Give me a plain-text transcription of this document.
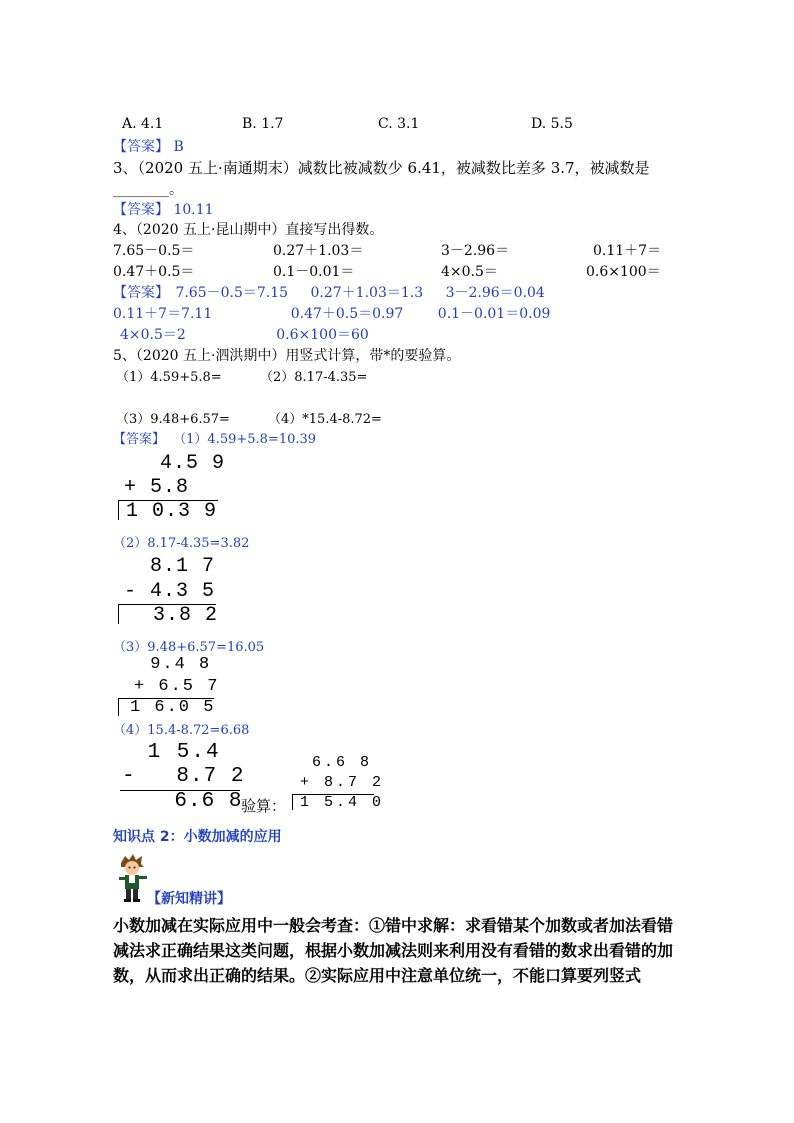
A. 4.1	B. 1.7	C. 3.1	D. 5.5
【答案】 B
3、（2020 五上·南通期末）减数比被减数少 6.41，被减数比差多 3.7，被减数是
________。
【答案】 10.11
4、（2020 五上·昆山期中）直接写出得数。
7.65－0.5＝	0.27＋1.03＝	3－2.96＝	0.11＋7＝
0.47＋0.5＝	0.1－0.01＝	4×0.5＝	0.6×100＝
【答案】 7.65－0.5＝7.15 0.27＋1.03＝1.3 3－2.96＝0.04
0.11＋7＝7.11	0.47＋0.5＝0.97 0.1－0.01＝0.09
4×0.5＝2	0.6×100＝60
5、（2020 五上·泗洪期中）用竖式计算，带*的要验算。
（1）4.59+5.8=	（2）8.17-4.35=
（3）9.48+6.57=	（4）*15.4-8.72=
【答案】 （1）4.59+5.8=10.39
4.5 9
+ 5.8
1 0.3 9
（2）8.17-4.35=3.82
8.1 7
- 4.3 5
3.8 2
（3）9.48+6.57=16.05
9.4 8
+ 6.5 7
1 6.0 5
（4）15.4-8.72=6.68
1 5.4
-   8.7 2
6.6 8
验算：
6.6 8
+ 8.7 2
1 5.4 0
知识点 2：小数加减的应用
【新知精讲】
小数加减在实际应用中一般会考查：①错中求解：求看错某个加数或者加法看错减法求正确结果这类问题，根据小数加减法则来利用没有看错的数求出看错的加数，从而求出正确的结果。②实际应用中注意单位统一，不能口算要列竖式
